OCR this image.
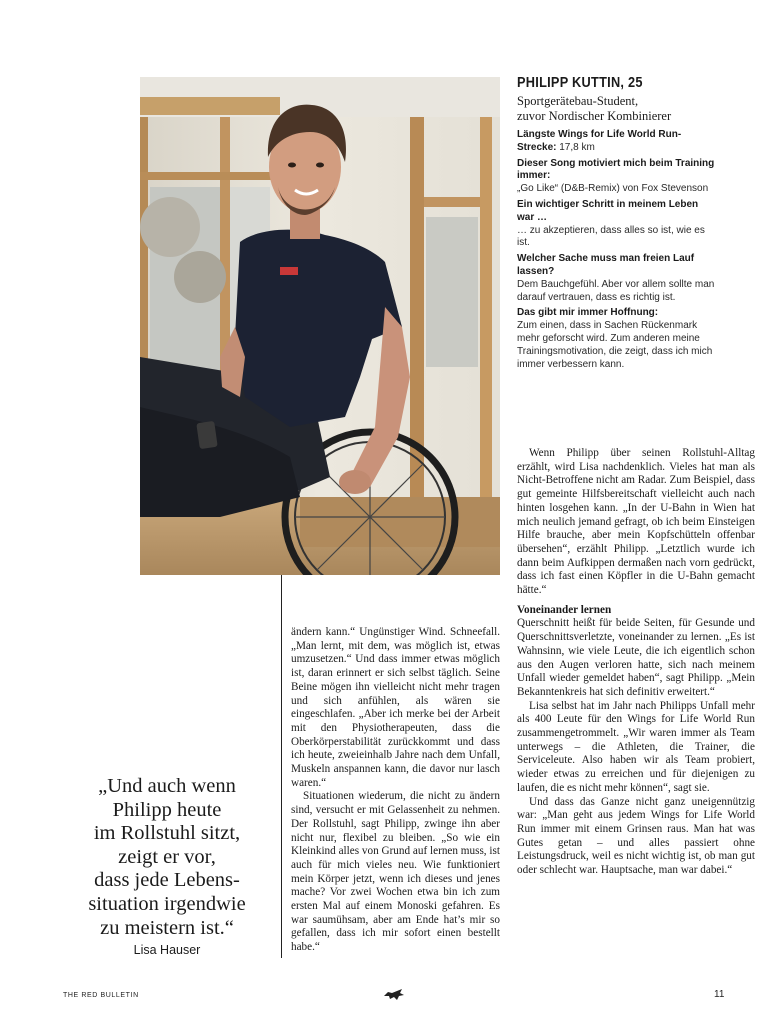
PHILIPP KUTTIN, 25
Sportgerätebau-Student,
zuvor Nordischer Kombinierer
Längste Wings for Life World Run-Strecke: 17,8 km
Dieser Song motiviert mich beim Training immer:
„Go Like“ (D&B-Remix) von Fox Stevenson
Ein wichtiger Schritt in meinem Leben war …
… zu akzeptieren, dass alles so ist, wie es ist.
Welcher Sache muss man freien Lauf lassen?
Dem Bauchgefühl. Aber vor allem sollte man darauf vertrauen, dass es richtig ist.
Das gibt mir immer Hoffnung:
Zum einen, dass in Sachen Rückenmark mehr geforscht wird. Zum anderen meine Trainingsmotivation, die zeigt, dass ich mich immer verbessern kann.

ändern kann.“ Ungünstiger Wind. Schneefall. „Man lernt, mit dem, was möglich ist, etwas umzusetzen.“ Und dass immer etwas möglich ist, daran erinnert er sich selbst täglich. Seine Beine mögen ihn vielleicht nicht mehr tragen und sich anfühlen, als wären sie eingeschlafen. „Aber ich merke bei der Arbeit mit den Physiotherapeuten, dass die Oberkörperstabilität zurückkommt und dass ich heute, zweieinhalb Jahre nach dem Unfall, Muskeln anspannen kann, die davor nur lasch waren.“

Situationen wiederum, die nicht zu ändern sind, versucht er mit Gelassenheit zu nehmen. Der Rollstuhl, sagt Philipp, zwinge ihn aber nicht nur, flexibel zu bleiben. „So wie ein Kleinkind alles von Grund auf lernen muss, ist auch für mich vieles neu. Wie funktioniert mein Körper jetzt, wenn ich dieses und jenes mache? Vor zwei Wochen etwa bin ich zum ersten Mal auf einem Monoski gefahren. Es war saumühsam, aber am Ende hat’s mir so gefallen, dass ich mir sofort einen bestellt habe.“

Wenn Philipp über seinen Rollstuhl-Alltag erzählt, wird Lisa nachdenklich. Vieles hat man als Nicht-Betroffene nicht am Radar. Zum Beispiel, dass gut gemeinte Hilfsbereitschaft vielleicht auch nach hinten losgehen kann. „In der U-Bahn in Wien hat mich neulich jemand gefragt, ob ich beim Einsteigen Hilfe brauche, aber mein Kopfschütteln offenbar übersehen“, erzählt Philipp. „Letztlich wurde ich dann beim Aufkippen dermaßen nach vorn gedrückt, dass ich fast einen Köpfler in die U-Bahn gemacht hätte.“

Voneinander lernen

Querschnitt heißt für beide Seiten, für Gesunde und Querschnittsverletzte, voneinander zu lernen. „Es ist Wahnsinn, wie viele Leute, die ich eigentlich schon aus den Augen verloren hatte, sich nach meinem Unfall wieder gemeldet haben“, sagt Philipp. „Mein Bekanntenkreis hat sich definitiv erweitert.“

Lisa selbst hat im Jahr nach Philipps Unfall mehr als 400 Leute für den Wings for Life World Run zusammengetrommelt. „Wir waren immer als Team unterwegs – die Athleten, die Trainer, die Serviceleute. Also haben wir als Team probiert, wieder etwas zu erreichen und für diejenigen zu laufen, die es nicht mehr können“, sagt sie.

Und dass das Ganze nicht ganz uneigennützig war: „Man geht aus jedem Wings for Life World Run immer mit einem Grinsen raus. Man hat was Gutes getan – und alles passiert ohne Leistungsdruck, weil es nicht wichtig ist, ob man gut oder schlecht war. Hauptsache, man war dabei.“

„Und auch wenn
Philipp heute
im Rollstuhl sitzt,
zeigt er vor,
dass jede Lebens-
situation irgendwie
zu meistern ist.“
Lisa Hauser
THE RED BULLETIN	11
